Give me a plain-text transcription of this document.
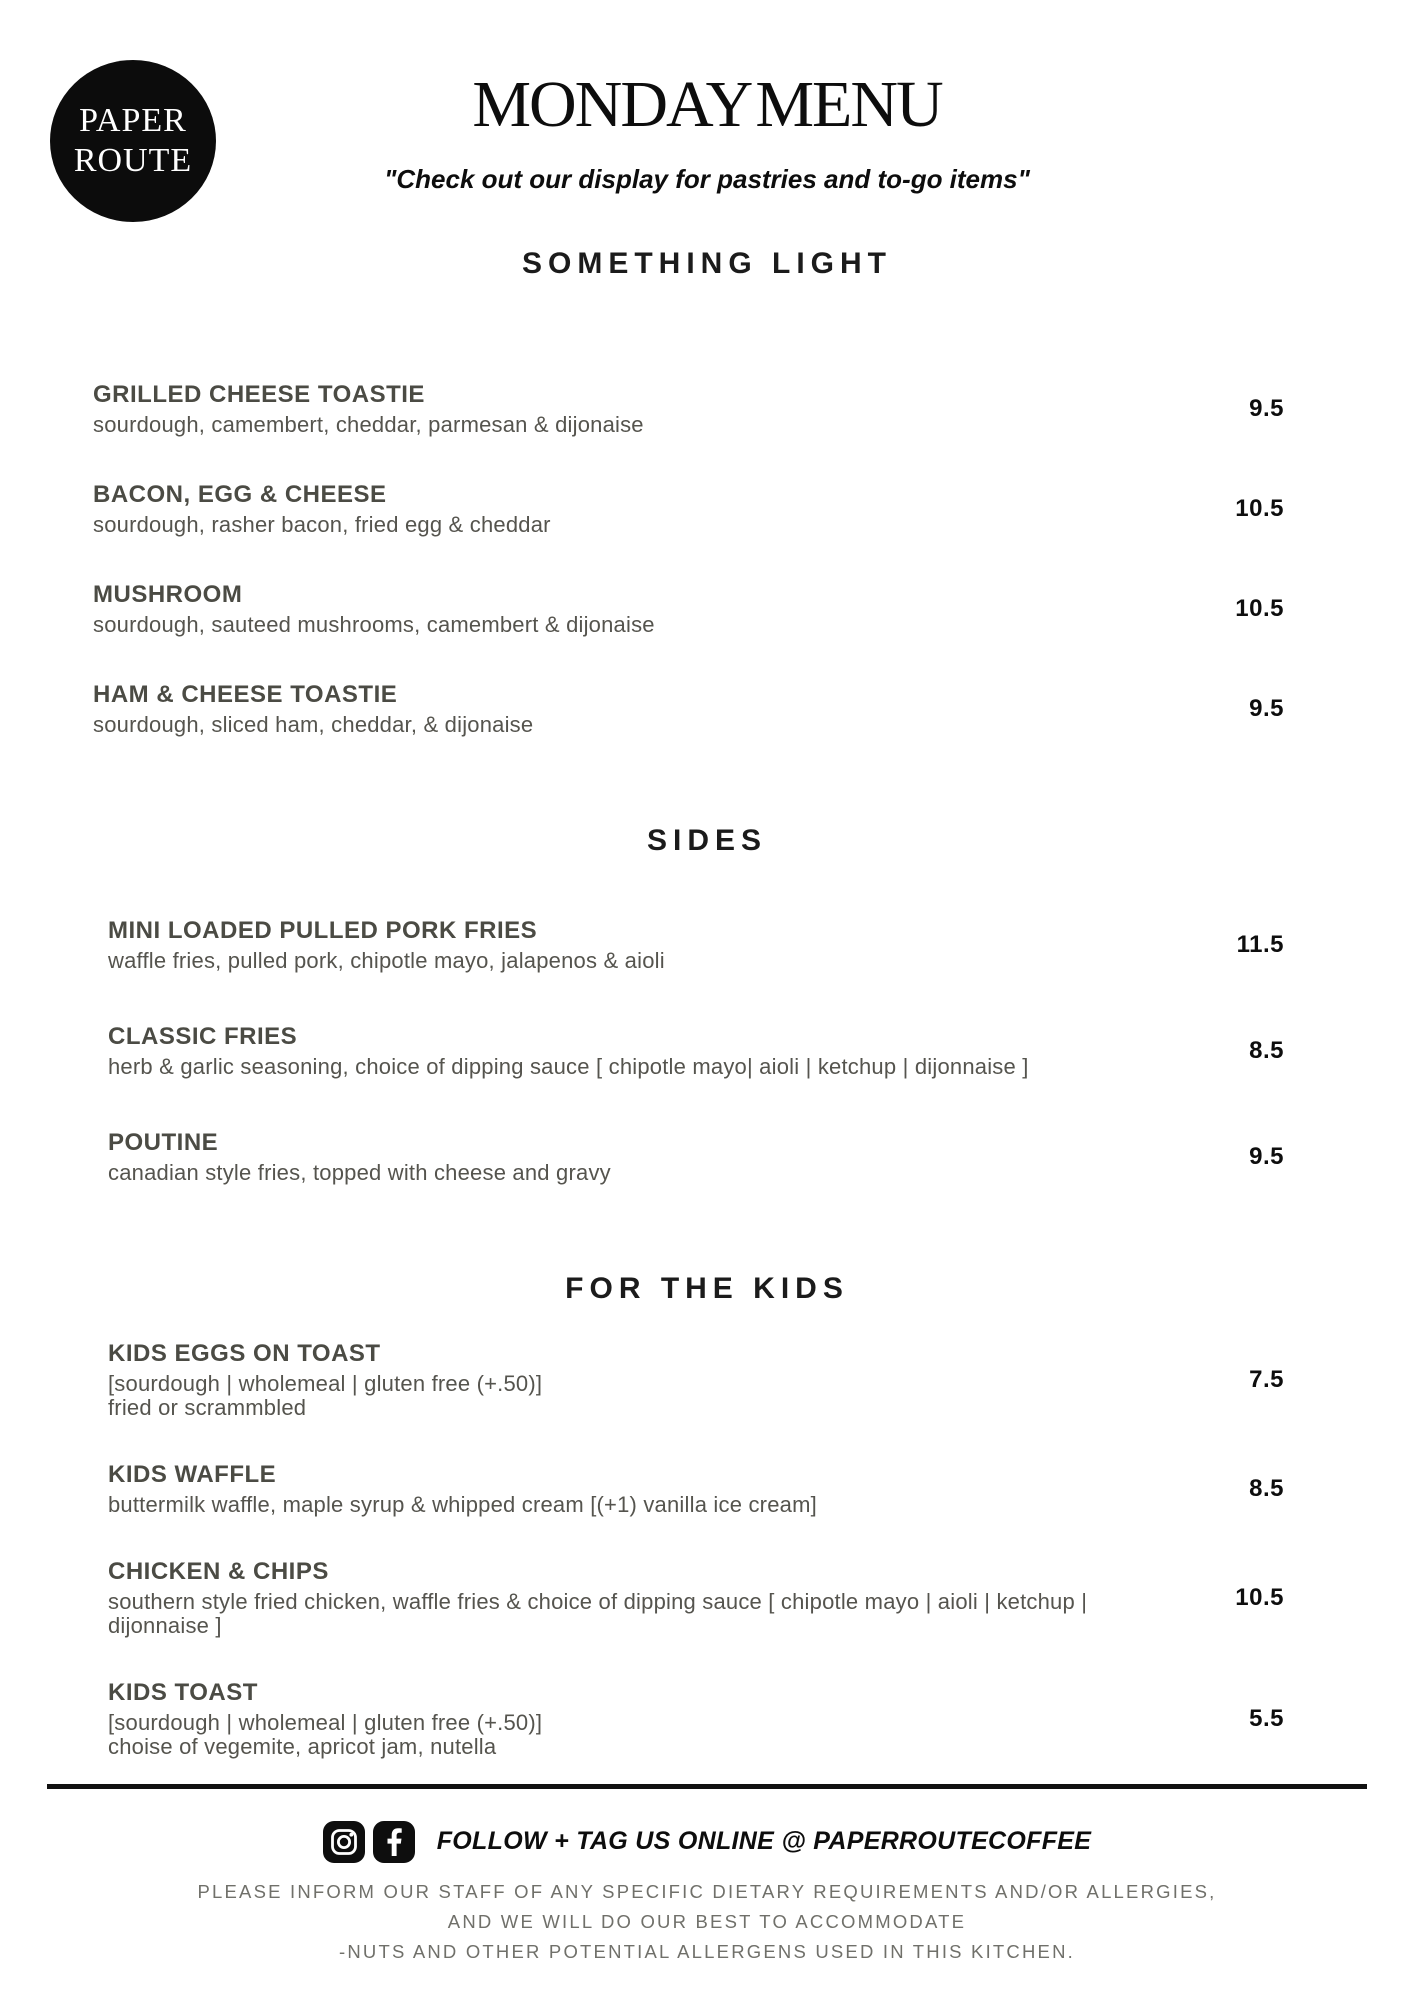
PAPER
ROUTE
MONDAY MENU

"Check out our display for pastries and to-go items"

SOMETHING LIGHT
GRILLED CHEESE TOASTIE
sourdough, camembert, cheddar, parmesan & dijonaise
9.5
BACON, EGG & CHEESE
sourdough, rasher bacon, fried egg & cheddar
10.5
MUSHROOM
sourdough, sauteed mushrooms, camembert & dijonaise
10.5
HAM & CHEESE TOASTIE
sourdough, sliced ham, cheddar, & dijonaise
9.5
SIDES
MINI LOADED PULLED PORK FRIES
waffle fries, pulled pork, chipotle mayo, jalapenos & aioli
11.5
CLASSIC FRIES
herb & garlic seasoning, choice of dipping sauce [ chipotle mayo| aioli | ketchup | dijonnaise ]
8.5
POUTINE
canadian style fries, topped with cheese and gravy
9.5
FOR THE KIDS
KIDS EGGS ON TOAST
[sourdough | wholemeal | gluten free (+.50)]
fried or scrammbled
7.5
KIDS WAFFLE
buttermilk waffle, maple syrup & whipped cream [(+1) vanilla ice cream]
8.5
CHICKEN & CHIPS
southern style fried chicken, waffle fries & choice of dipping sauce [ chipotle mayo | aioli | ketchup |
dijonnaise ]
10.5
KIDS TOAST
[sourdough | wholemeal | gluten free (+.50)]
choise of vegemite, apricot jam, nutella
5.5
FOLLOW + TAG US ONLINE @ PAPERROUTECOFFEE
PLEASE INFORM OUR STAFF OF ANY SPECIFIC DIETARY REQUIREMENTS AND/OR ALLERGIES,
AND WE WILL DO OUR BEST TO ACCOMMODATE
-NUTS AND OTHER POTENTIAL ALLERGENS USED IN THIS KITCHEN.
